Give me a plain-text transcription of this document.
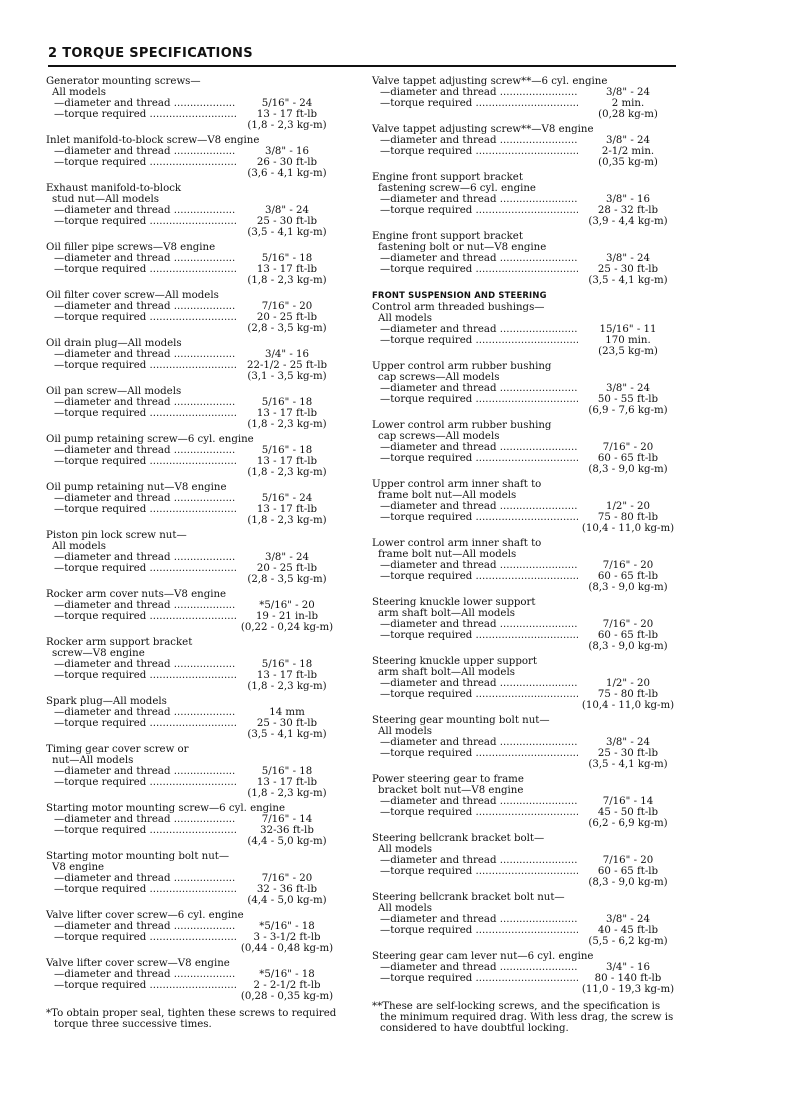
2 TORQUE SPECIFICATIONS
Generator mounting screws—
All models
—diameter and thread .....	5/16" - 24
—torque required .....	13 - 17 ft-lb
(1,8 - 2,3 kg-m)
Inlet manifold-to-block screw—V8 engine
—diameter and thread .....	3/8" - 16
—torque required .....	26 - 30 ft-lb
(3,6 - 4,1 kg-m)
Exhaust manifold-to-block
stud nut—All models
—diameter and thread .....	3/8" - 24
—torque required .....	25 - 30 ft-lb
(3,5 - 4,1 kg-m)
Oil filler pipe screws—V8 engine
—diameter and thread .....	5/16" - 18
—torque required .....	13 - 17 ft-lb
(1,8 - 2,3 kg-m)
Oil filter cover screw—All models
—diameter and thread .....	7/16" - 20
—torque required .....	20 - 25 ft-lb
(2,8 - 3,5 kg-m)
Oil drain plug—All models
—diameter and thread .....	3/4" - 16
—torque required .....	22-1/2 - 25 ft-lb
(3,1 - 3,5 kg-m)
Oil pan screw—All models
—diameter and thread .....	5/16" - 18
—torque required .....	13 - 17 ft-lb
(1,8 - 2,3 kg-m)
Oil pump retaining screw—6 cyl. engine
—diameter and thread .....	5/16" - 18
—torque required .....	13 - 17 ft-lb
(1,8 - 2,3 kg-m)
Oil pump retaining nut—V8 engine
—diameter and thread .....	5/16" - 24
—torque required .....	13 - 17 ft-lb
(1,8 - 2,3 kg-m)
Piston pin lock screw nut—
All models
—diameter and thread .....	3/8" - 24
—torque required .....	20 - 25 ft-lb
(2,8 - 3,5 kg-m)
Rocker arm cover nuts—V8 engine
—diameter and thread .....	*5/16" - 20
—torque required .....	19 - 21 in-lb
(0,22 - 0,24 kg-m)
Rocker arm support bracket
screw—V8 engine
—diameter and thread .....	5/16" - 18
—torque required .....	13 - 17 ft-lb
(1,8 - 2,3 kg-m)
Spark plug—All models
—diameter and thread .....	14 mm
—torque required .....	25 - 30 ft-lb
(3,5 - 4,1 kg-m)
Timing gear cover screw or
nut—All models
—diameter and thread .....	5/16" - 18
—torque required .....	13 - 17 ft-lb
(1,8 - 2,3 kg-m)
Starting motor mounting screw—6 cyl. engine
—diameter and thread .....	7/16" - 14
—torque required .....	32-36 ft-lb
(4,4 - 5,0 kg-m)
Starting motor mounting bolt nut—
V8 engine
—diameter and thread .....	7/16" - 20
—torque required .....	32 - 36 ft-lb
(4,4 - 5,0 kg-m)
Valve lifter cover screw—6 cyl. engine
—diameter and thread .....	*5/16" - 18
—torque required .....	3 - 3-1/2 ft-lb
(0,44 - 0,48 kg-m)
Valve lifter cover screw—V8 engine
—diameter and thread .....	*5/16" - 18
—torque required .....	2 - 2-1/2 ft-lb
(0,28 - 0,35 kg-m)
*To obtain proper seal, tighten these screws to required torque three successive times.
Valve tappet adjusting screw**—6 cyl. engine
—diameter and thread .....	3/8" - 24
—torque required .....	2 min.
(0,28 kg-m)
Valve tappet adjusting screw**—V8 engine
—diameter and thread .....	3/8" - 24
—torque required .....	2-1/2 min.
(0,35 kg-m)
Engine front support bracket
fastening screw—6 cyl. engine
—diameter and thread .....	3/8" - 16
—torque required .....	28 - 32 ft-lb
(3,9 - 4,4 kg-m)
Engine front support bracket
fastening bolt or nut—V8 engine
—diameter and thread .....	3/8" - 24
—torque required .....	25 - 30 ft-lb
(3,5 - 4,1 kg-m)
FRONT SUSPENSION AND STEERING
Control arm threaded bushings—
All models
—diameter and thread .....	15/16" - 11
—torque required .....	170 min.
(23,5 kg-m)
Upper control arm rubber bushing
cap screws—All models
—diameter and thread .....	3/8" - 24
—torque required .....	50 - 55 ft-lb
(6,9 - 7,6 kg-m)
Lower control arm rubber bushing
cap screws—All models
—diameter and thread .....	7/16" - 20
—torque required .....	60 - 65 ft-lb
(8,3 - 9,0 kg-m)
Upper control arm inner shaft to
frame bolt nut—All models
—diameter and thread .....	1/2" - 20
—torque required .....	75 - 80 ft-lb
(10,4 - 11,0 kg-m)
Lower control arm inner shaft to
frame bolt nut—All models
—diameter and thread .....	7/16" - 20
—torque required .....	60 - 65 ft-lb
(8,3 - 9,0 kg-m)
Steering knuckle lower support
arm shaft bolt—All models
—diameter and thread .....	7/16" - 20
—torque required .....	60 - 65 ft-lb
(8,3 - 9,0 kg-m)
Steering knuckle upper support
arm shaft bolt—All models
—diameter and thread .....	1/2" - 20
—torque required .....	75 - 80 ft-lb
(10,4 - 11,0 kg-m)
Steering gear mounting bolt nut—
All models
—diameter and thread .....	3/8" - 24
—torque required .....	25 - 30 ft-lb
(3,5 - 4,1 kg-m)
Power steering gear to frame
bracket bolt nut—V8 engine
—diameter and thread .....	7/16" - 14
—torque required .....	45 - 50 ft-lb
(6,2 - 6,9 kg-m)
Steering bellcrank bracket bolt—
All models
—diameter and thread .....	7/16" - 20
—torque required .....	60 - 65 ft-lb
(8,3 - 9,0 kg-m)
Steering bellcrank bracket bolt nut—
All models
—diameter and thread .....	3/8" - 24
—torque required .....	40 - 45 ft-lb
(5,5 - 6,2 kg-m)
Steering gear cam lever nut—6 cyl. engine
—diameter and thread .....	3/4" - 16
—torque required .....	80 - 140 ft-lb
(11,0 - 19,3 kg-m)
**These are self-locking screws, and the specification is the minimum required drag. With less drag, the screw is considered to have doubtful locking.
